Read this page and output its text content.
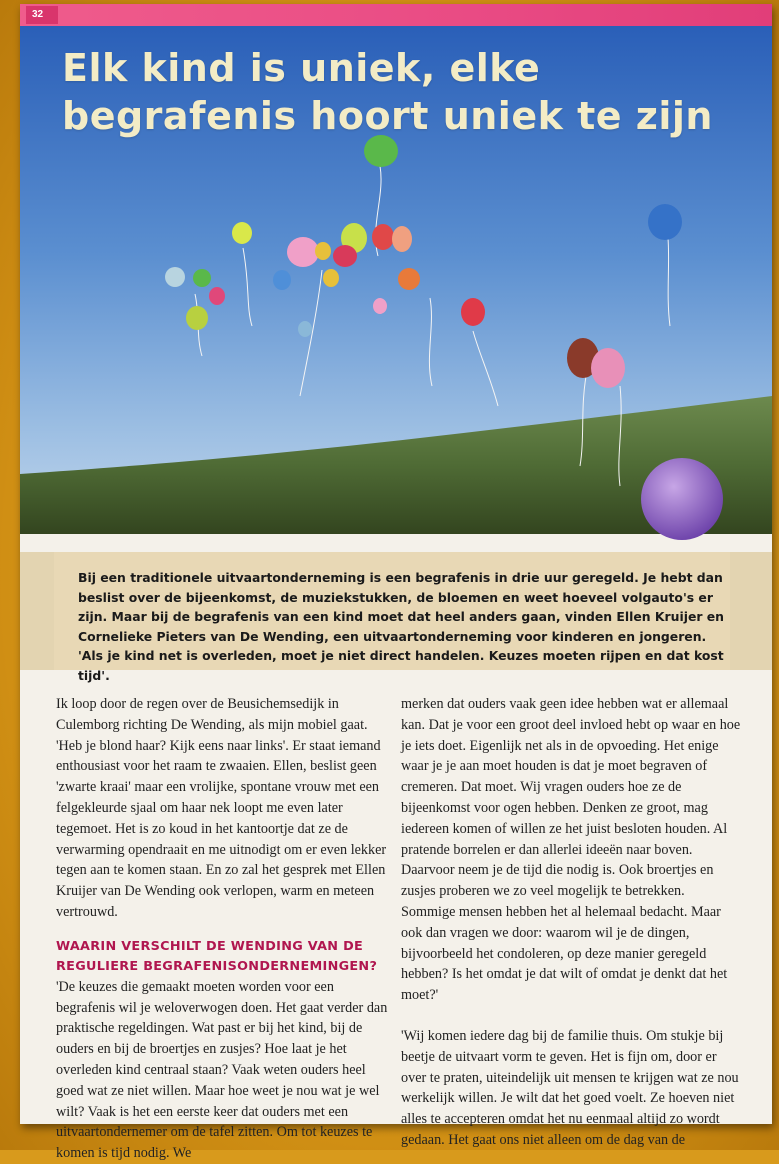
32
Elk kind is uniek, elke begrafenis hoort uniek te zijn

Bij een traditionele uitvaartonderneming is een begrafenis in drie uur geregeld. Je hebt dan beslist over de bijeenkomst, de muziekstukken, de bloemen en weet hoeveel volgauto's er zijn. Maar bij de begrafenis van een kind moet dat heel anders gaan, vinden Ellen Kruijer en Cornelieke Pieters van De Wending, een uitvaartonderneming voor kinderen en jongeren. 'Als je kind net is overleden, moet je niet direct handelen. Keuzes moeten rijpen en dat kost tijd'.

Ik loop door de regen over de Beusichemsedijk in Culemborg richting De Wending, als mijn mobiel gaat. 'Heb je blond haar? Kijk eens naar links'. Er staat iemand enthousiast voor het raam te zwaaien. Ellen, beslist geen 'zwarte kraai' maar een vrolijke, spontane vrouw met een felgekleurde sjaal om haar nek loopt me even later tegemoet. Het is zo koud in het kantoortje dat ze de verwarming opendraait en me uitnodigt om er even lekker tegen aan te komen staan. En zo zal het gesprek met Ellen Kruijer van De Wending ook verlopen, warm en meteen vertrouwd.

WAARIN VERSCHILT DE WENDING VAN DE REGULIERE BEGRAFENISONDERNEMINGEN?

'De keuzes die gemaakt moeten worden voor een begrafenis wil je weloverwogen doen. Het gaat verder dan praktische regeldingen. Wat past er bij het kind, bij de ouders en bij de broertjes en zusjes? Hoe laat je het overleden kind centraal staan? Vaak weten ouders heel goed wat ze niet willen. Maar hoe weet je nou wat je wel wilt? Vaak is het een eerste keer dat ouders met een uitvaartondernemer om de tafel zitten. Om tot keuzes te komen is tijd nodig. We

merken dat ouders vaak geen idee hebben wat er allemaal kan. Dat je voor een groot deel invloed hebt op waar en hoe je iets doet. Eigenlijk net als in de opvoeding. Het enige waar je je aan moet houden is dat je moet begraven of cremeren. Dat moet. Wij vragen ouders hoe ze de bijeenkomst voor ogen hebben. Denken ze groot, mag iedereen komen of willen ze het juist besloten houden. Al pratende borrelen er dan allerlei ideeën naar boven. Daarvoor neem je de tijd die nodig is. Ook broertjes en zusjes proberen we zo veel mogelijk te betrekken. Sommige mensen hebben het al helemaal bedacht. Maar ook dan vragen we door: waarom wil je de dingen, bijvoorbeeld het condoleren, op deze manier geregeld hebben? Is het omdat je dat wilt of omdat je denkt dat het moet?'

'Wij komen iedere dag bij de familie thuis. Om stukje bij beetje de uitvaart vorm te geven. Het is fijn om, door er over te praten, uiteindelijk uit mensen te krijgen wat ze nou werkelijk willen. Je wilt dat het goed voelt. Ze hoeven niet alles te accepteren omdat het nu eenmaal altijd zo wordt gedaan. Het gaat ons niet alleen om de dag van de
